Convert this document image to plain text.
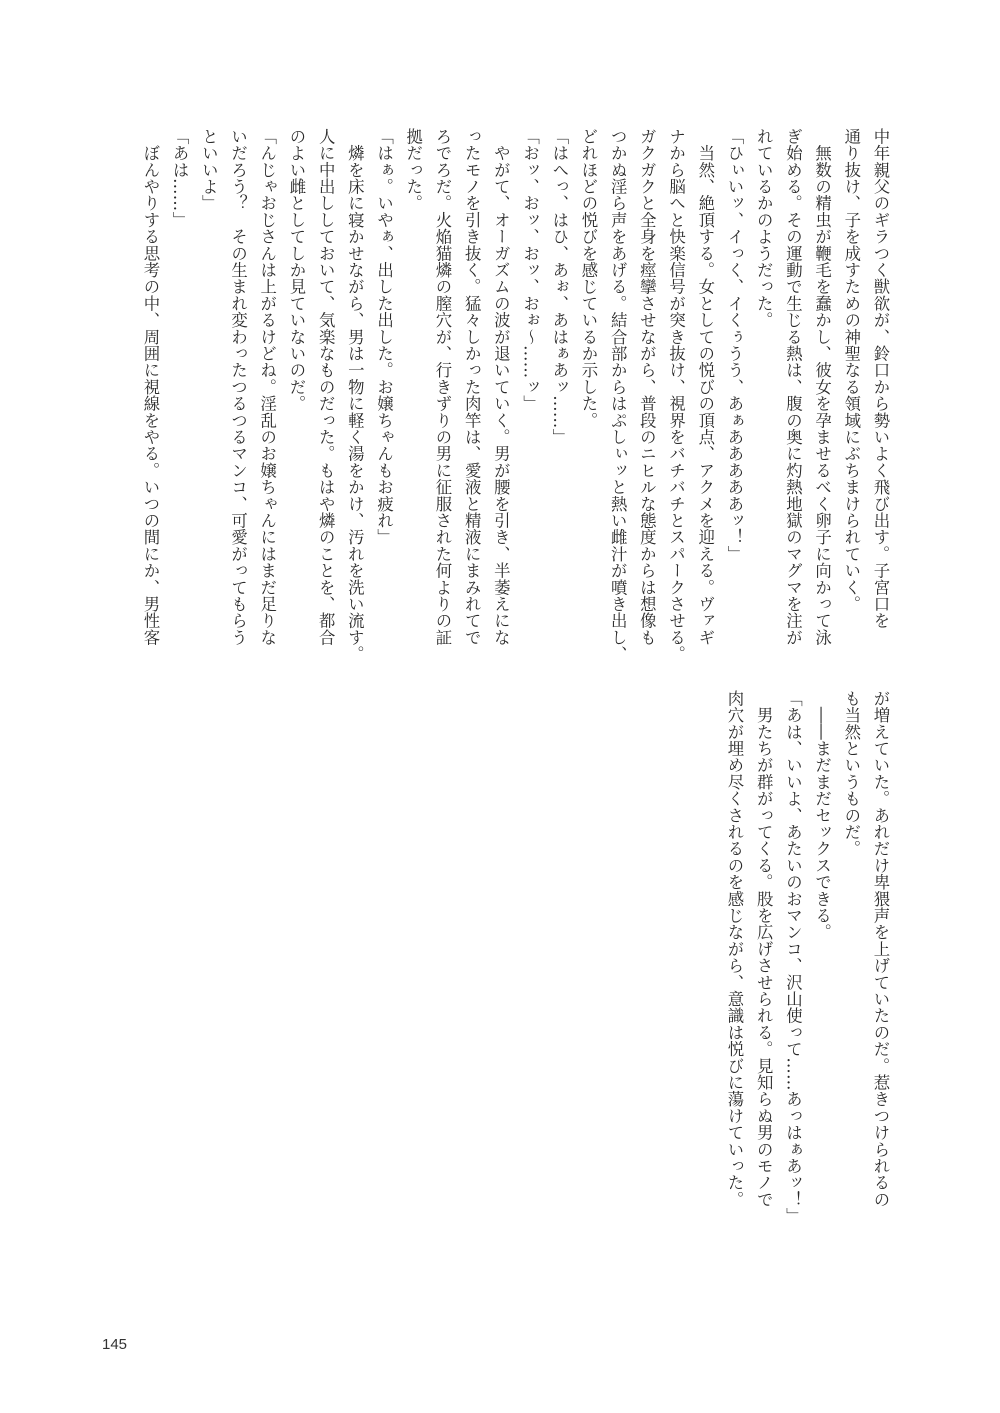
中年親父のギラつく獣欲が、鈴口から勢いよく飛び出す。子宮口を
通り抜け、子を成すための神聖なる領域にぶちまけられていく。
　無数の精虫が鞭毛を蠢かし、彼女を孕ませるべく卵子に向かって泳
ぎ始める。その運動で生じる熱は、腹の奥に灼熱地獄のマグマを注が
れているかのようだった。
「ひぃいッ、イっく、イくぅうう、あぁあああああッ！」
　当然、絶頂する。女としての悦びの頂点、アクメを迎える。ヴァギ
ナから脳へと快楽信号が突き抜け、視界をバチバチとスパークさせる。
ガクガクと全身を痙攣させながら、普段のニヒルな態度からは想像も
つかぬ淫ら声をあげる。結合部からはぷしぃッと熱い雌汁が噴き出し、
どれほどの悦びを感じているか示した。
「はへっ、はひ、あぉ、あはぁあッ……」
「おッ、おッ、おッ、おぉ～……ッ」
　やがて、オーガズムの波が退いていく。男が腰を引き、半萎えにな
ったモノを引き抜く。猛々しかった肉竿は、愛液と精液にまみれてで
ろでろだ。火焔猫燐の膣穴が、行きずりの男に征服された何よりの証
拠だった。
「はぁ。いやぁ、出した出した。お嬢ちゃんもお疲れ」
　燐を床に寝かせながら、男は一物に軽く湯をかけ、汚れを洗い流す。
人に中出ししておいて、気楽なものだった。もはや燐のことを、都合
のよい雌としてしか見ていないのだ。
「んじゃおじさんは上がるけどね。淫乱のお嬢ちゃんにはまだ足りな
いだろう？　その生まれ変わったつるつるマンコ、可愛がってもらう
といいよ」
「あは……」
　ぼんやりする思考の中、周囲に視線をやる。いつの間にか、男性客
が増えていた。あれだけ卑猥声を上げていたのだ。惹きつけられるの
も当然というものだ。
　――まだまだセックスできる。
「あは、いいよ、あたいのおマンコ、沢山使って……あっはぁあッ！」
　男たちが群がってくる。股を広げさせられる。見知らぬ男のモノで
肉穴が埋め尽くされるのを感じながら、意識は悦びに蕩けていった。
145
